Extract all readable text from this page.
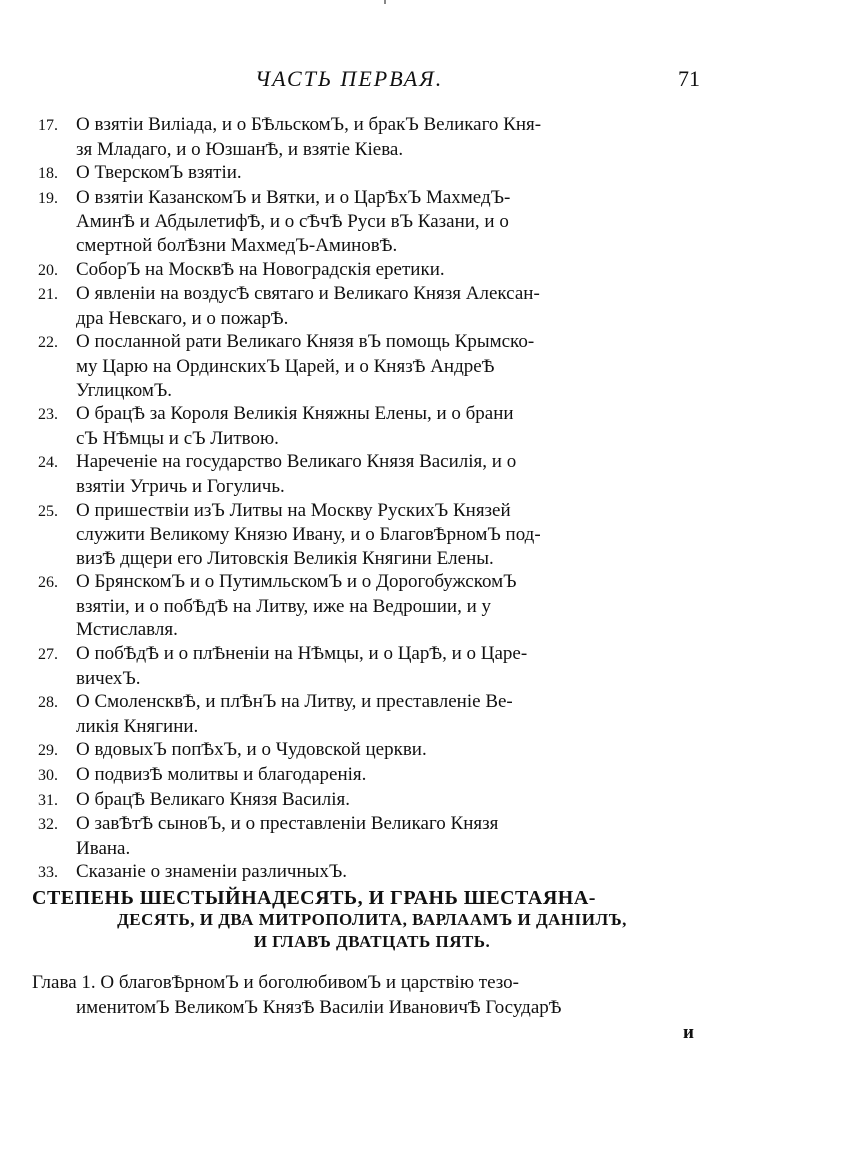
ЧАСТЬ ПЕРВАЯ.	71
17. О взятіи Виліада, и о БѢльскомЪ, и бракЪ Великаго Кня-
зя Младаго, и о ЮзшанѢ, и взятіе Кіева.
18. О ТверскомЪ взятіи.
19. О взятіи КазанскомЪ и Вятки, и о ЦарѢхЪ МахмедЪ-
АминѢ и АбдылетифѢ, и о сѢчѢ Руси вЪ Казани, и о
смертной болѢзни МахмедЪ-АминовѢ.
20. СоборЪ на МосквѢ на Новоградскія еретики.
21. О явленіи на воздусѢ святаго и Великаго Князя Алексан-
дра Невскаго, и о пожарѢ.
22. О посланной рати Великаго Князя вЪ помощь Крымско-
му Царю на ОрдинскихЪ Царей, и о КнязѢ АндреѢ
УглицкомЪ.
23. О брацѢ за Короля Великія Княжны Елены, и о брани
сЪ НѢмцы и сЪ Литвою.
24. Нареченіе на государство Великаго Князя Василія, и о
взятіи Угричь и Гогуличь.
25. О пришествіи изЪ Литвы на Москву РускихЪ Князей
служити Великому Князю Ивану, и о БлаговѢрномЪ под-
визѢ дщери его Литовскія Великія Княгини Елены.
26. О БрянскомЪ и о ПутимльскомЪ и о ДорогобужскомЪ
взятіи, и о побѢдѢ на Литву, иже на Ведрошии, и у
Мстиславля.
27. О побѢдѢ и о плѢненіи на НѢмцы, и о ЦарѢ, и о Царе-
вичехЪ.
28. О СмоленсквѢ, и плѢнЪ на Литву, и преставленіе Ве-
ликія Княгини.
29. О вдовыхЪ попѢхЪ, и о Чудовской церкви.
30. О подвизѢ молитвы и благодаренія.
31. О брацѢ Великаго Князя Василія.
32. О завѢтѢ сыновЪ, и о преставленіи Великаго Князя
Ивана.
33. Сказаніе о знаменіи различныхЪ.
СТЕПЕНЬ ШЕСТЫЙНАДЕСЯТЬ, И ГРАНЬ ШЕСТАЯНА-
ДЕСЯТЬ, И ДВА МИТРОПОЛИТА, ВАРЛААМЪ И ДАНІИЛЪ,
И ГЛАВЪ ДВАТЦАТЬ ПЯТЬ.
Глава 1. О благовѢрномЪ и боголюбивомЪ и царствію тезо-
именитомЪ ВеликомЪ КнязѢ Василіи ИвановичѢ ГосударѢ
и
